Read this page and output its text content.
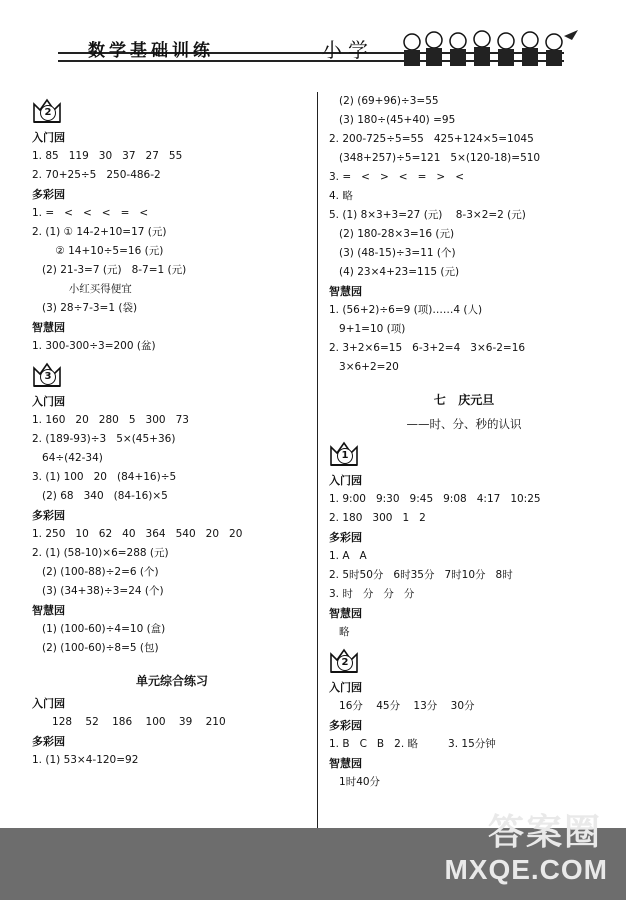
数学基础训练	小学
2
入门园
1. 85   119   30   37   27   55
2. 70+25÷5   250-486-2
多彩园
1. =   <   <   <   =   <
2. (1) ① 14-2+10=17 (元)
② 14+10÷5=16 (元)
(2) 21-3=7 (元)   8-7=1 (元)
小红买得便宜
(3) 28÷7-3=1 (袋)
智慧园
1. 300-300÷3=200 (盆)
3
入门园
1. 160   20   280   5   300   73
2. (189-93)÷3   5×(45+36)
64÷(42-34)
3. (1) 100   20   (84+16)÷5
(2) 68   340   (84-16)×5
多彩园
1. 250   10   62   40   364   540   20   20
2. (1) (58-10)×6=288 (元)
(2) (100-88)÷2=6 (个)
(3) (34+38)÷3=24 (个)
智慧园
(1) (100-60)÷4=10 (盒)
(2) (100-60)÷8=5 (包)
单元综合练习
入门园
128    52    186    100    39    210
多彩园
1. (1) 53×4-120=92
(2) (69+96)÷3=55
(3) 180÷(45+40) =95
2. 200-725÷5=55   425+124×5=1045
(348+257)÷5=121   5×(120-18)=510
3. =   <   >   <   =   >   <
4. 略
5. (1) 8×3+3=27 (元)    8-3×2=2 (元)
(2) 180-28×3=16 (元)
(3) (48-15)÷3=11 (个)
(4) 23×4+23=115 (元)
智慧园
1. (56+2)÷6=9 (项)……4 (人)
9+1=10 (项)
2. 3+2×6=15   6-3+2=4   3×6-2=16
3×6+2=20
七   庆元旦
——时、分、秒的认识
1
入门园
1. 9:00   9:30   9:45   9:08   4:17   10:25
2. 180   300   1   2
多彩园
1. A   A
2. 5时50分   6时35分   7时10分   8时
3. 时   分   分   分
智慧园
略
2
入门园
16分    45分    13分    30分
多彩园
1. B   C   B   2. 略         3. 15分钟
智慧园
1时40分
答案圈
MXQE.COM
